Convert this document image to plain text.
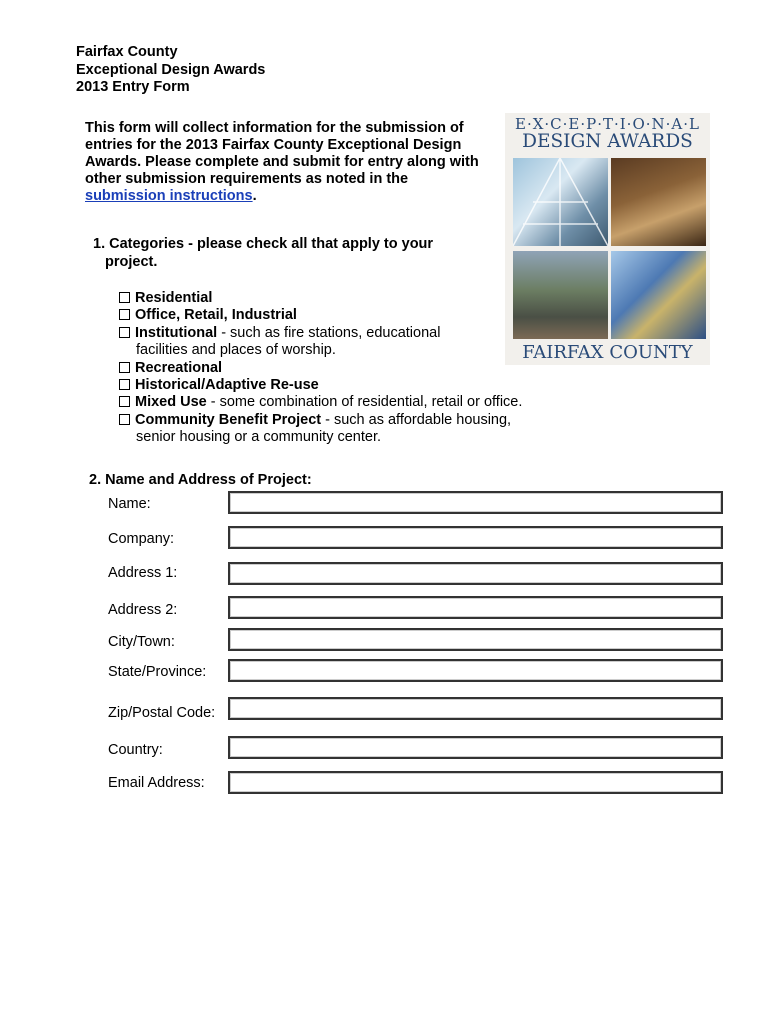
Fairfax County
Exceptional Design Awards
2013 Entry Form
This form will collect information for the submission of entries for the 2013 Fairfax County Exceptional Design Awards. Please complete and submit for entry along with other submission requirements as noted in the
submission instructions.
E·X·C·E·P·T·I·O·N·A·L
DESIGN AWARDS
FAIRFAX COUNTY
1. Categories - please check all that apply to your
project.
Residential
Office, Retail, Industrial
Institutional - such as fire stations, educational
facilities and places of worship.
Recreational
Historical/Adaptive Re-use
Mixed Use - some combination of residential, retail or office.
Community Benefit Project - such as affordable housing,
senior housing or a community center.
2. Name and Address of Project:
Name:
Company:
Address 1:
Address 2:
City/Town:
State/Province:
Zip/Postal Code:
Country:
Email Address:
